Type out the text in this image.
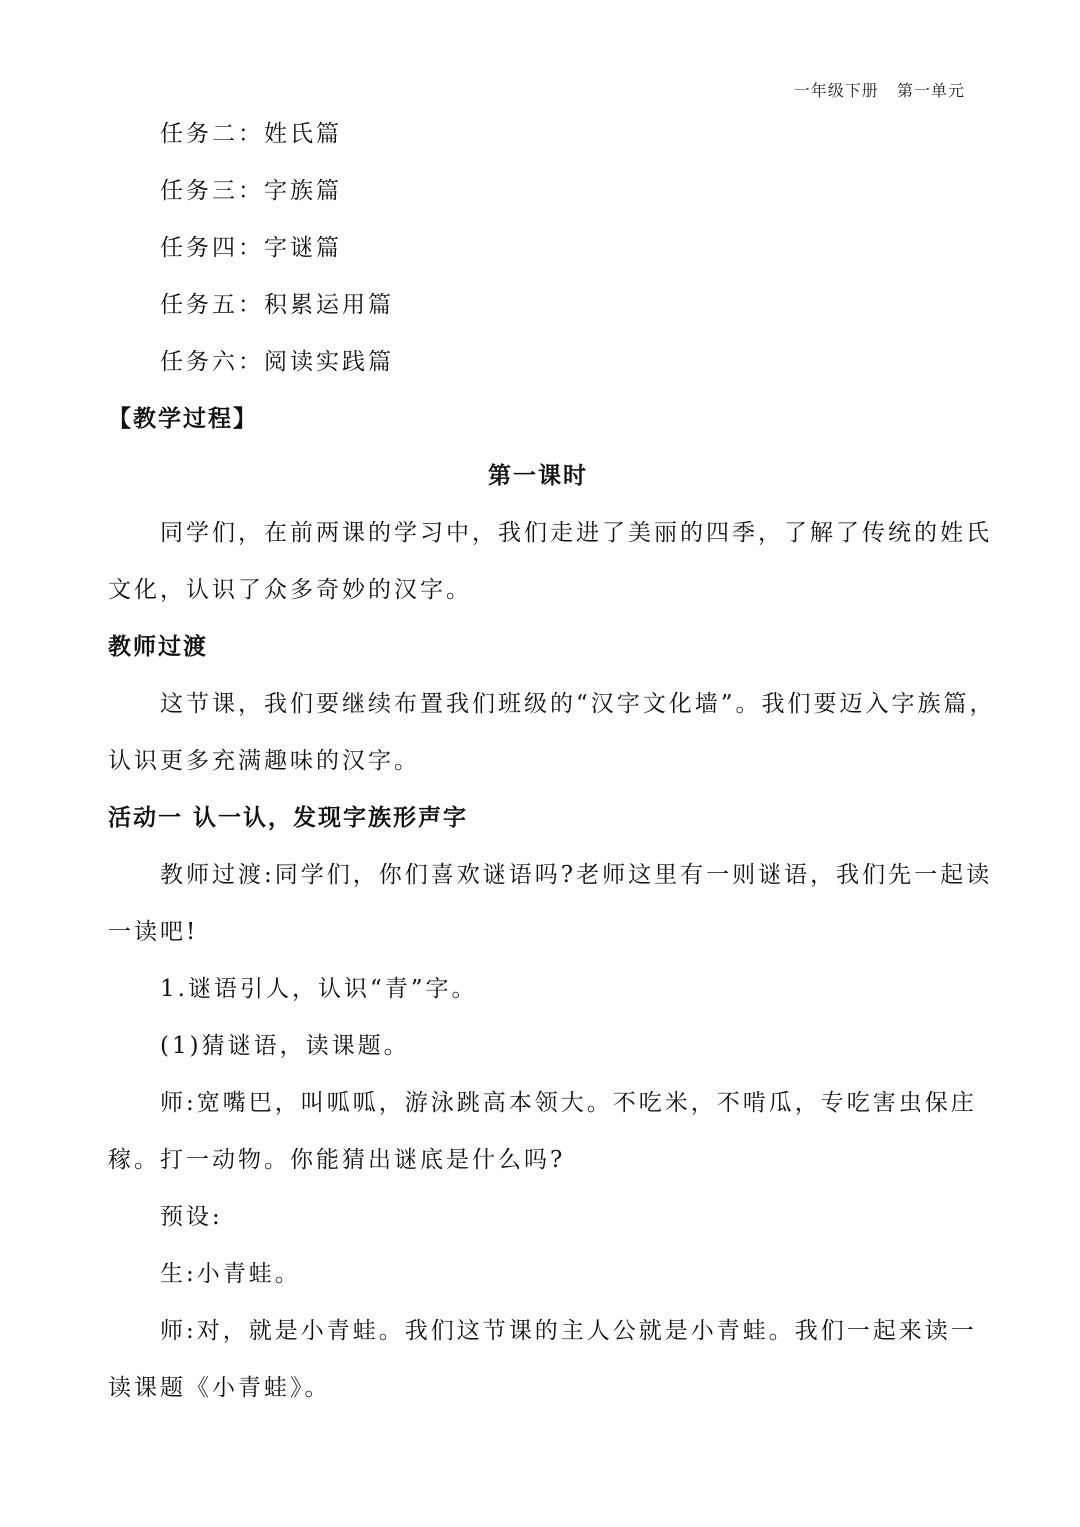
一年级下册   第一单元
任务二：姓氏篇
任务三：字族篇
任务四：字谜篇
任务五：积累运用篇
任务六：阅读实践篇
【教学过程】
第一课时
同学们，在前两课的学习中，我们走进了美丽的四季，了解了传统的姓氏
文化，认识了众多奇妙的汉字。
教师过渡
这节课，我们要继续布置我们班级的“汉字文化墙”。我们要迈入字族篇，
认识更多充满趣味的汉字。
活动一 认一认，发现字族形声字
教师过渡:同学们，你们喜欢谜语吗?老师这里有一则谜语，我们先一起读
一读吧!
1.谜语引人，认识“青”字。
(1)猜谜语，读课题。
师:宽嘴巴，叫呱呱，游泳跳高本领大。不吃米，不啃瓜，专吃害虫保庄
稼。打一动物。你能猜出谜底是什么吗?
预设:
生:小青蛙。
师:对，就是小青蛙。我们这节课的主人公就是小青蛙。我们一起来读一
读课题《小青蛙》。
